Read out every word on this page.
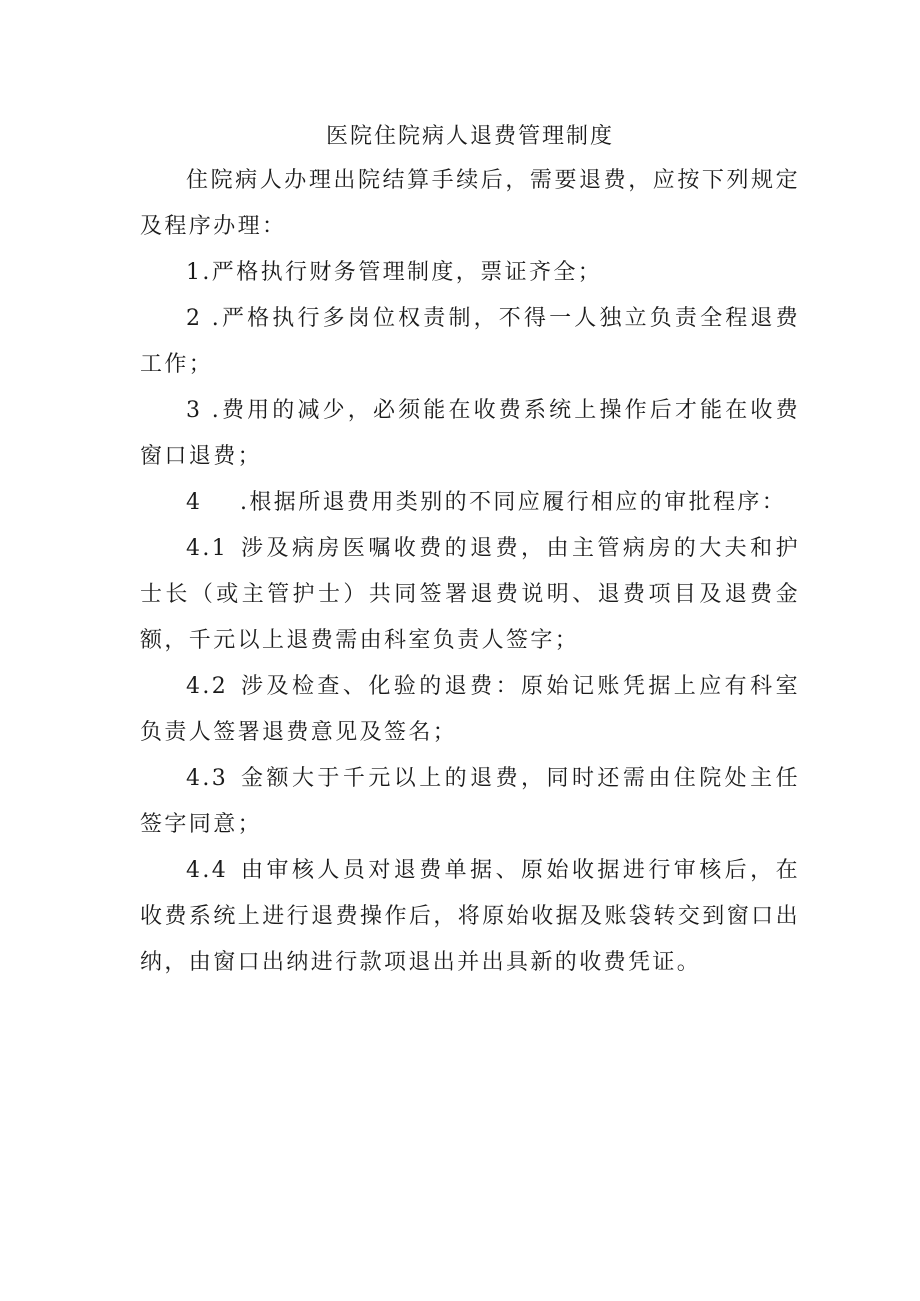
医院住院病人退费管理制度

住院病人办理出院结算手续后，需要退费，应按下列规定及程序办理：

1.严格执行财务管理制度，票证齐全；

2 .严格执行多岗位权责制，不得一人独立负责全程退费工作；

3 .费用的减少，必须能在收费系统上操作后才能在收费窗口退费；

4 .根据所退费用类别的不同应履行相应的审批程序：

4.1 涉及病房医嘱收费的退费，由主管病房的大夫和护士长（或主管护士）共同签署退费说明、退费项目及退费金额，千元以上退费需由科室负责人签字；

4.2 涉及检查、化验的退费：原始记账凭据上应有科室负责人签署退费意见及签名；

4.3 金额大于千元以上的退费，同时还需由住院处主任签字同意；

4.4 由审核人员对退费单据、原始收据进行审核后，在收费系统上进行退费操作后，将原始收据及账袋转交到窗口出纳，由窗口出纳进行款项退出并出具新的收费凭证。
